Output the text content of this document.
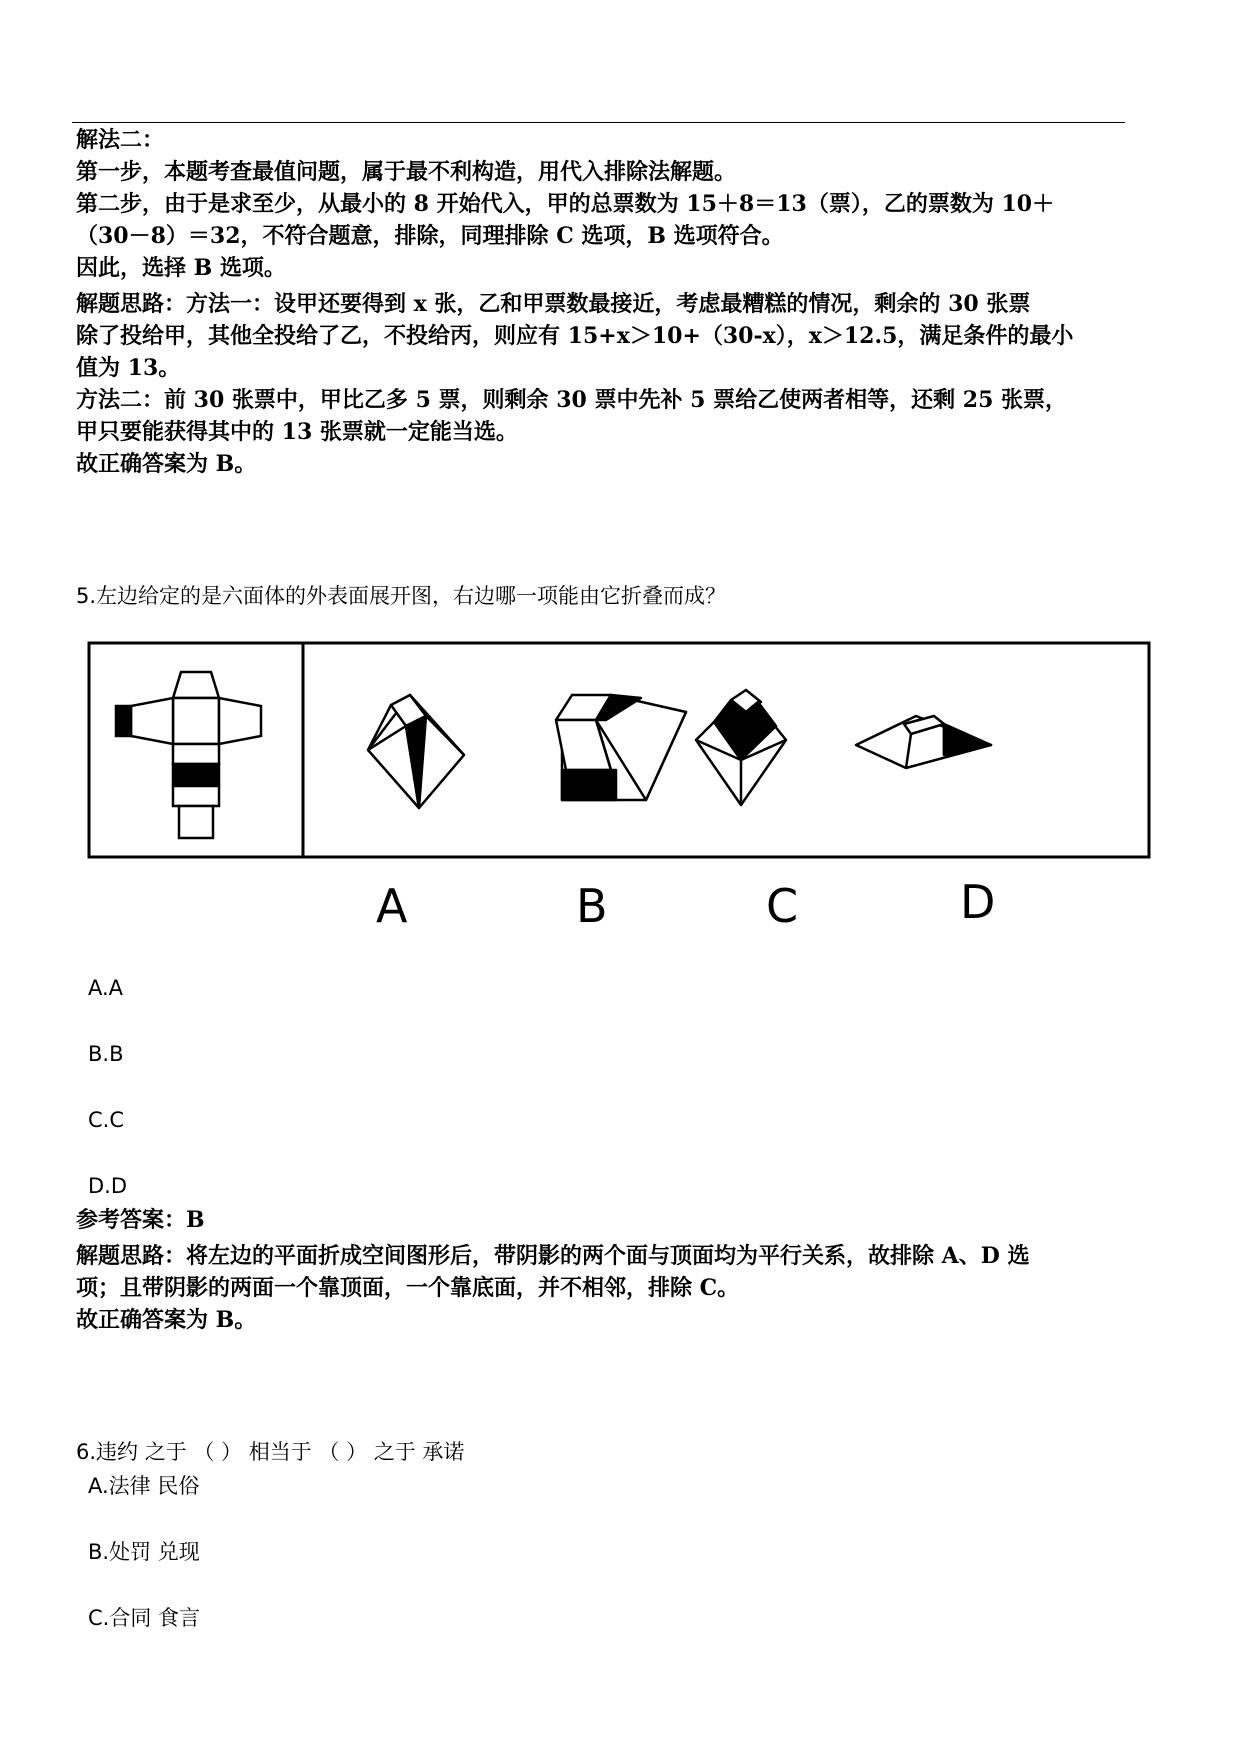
解法二：
第一步，本题考查最值问题，属于最不利构造，用代入排除法解题。
第二步，由于是求至少，从最小的 8 开始代入，甲的总票数为 15＋8＝13（票），乙的票数为 10＋
（30－8）＝32，不符合题意，排除，同理排除 C 选项，B 选项符合。
因此，选择 B 选项。
解题思路：方法一：设甲还要得到 x 张，乙和甲票数最接近，考虑最糟糕的情况，剩余的 30 张票
除了投给甲，其他全投给了乙，不投给丙，则应有 15+x＞10+（30-x），x＞12.5，满足条件的最小
值为 13。
方法二：前 30 张票中，甲比乙多 5 票，则剩余 30 票中先补 5 票给乙使两者相等，还剩 25 张票，
甲只要能获得其中的 13 张票就一定能当选。
故正确答案为 B。
5.左边给定的是六面体的外表面展开图，右边哪一项能由它折叠而成？
A	B	C	D
A.A
B.B
C.C
D.D
参考答案：B
解题思路：将左边的平面折成空间图形后，带阴影的两个面与顶面均为平行关系，故排除 A、D 选
项；且带阴影的两面一个靠顶面，一个靠底面，并不相邻，排除 C。
故正确答案为 B。
6.违约 之于 （ ） 相当于 （ ） 之于 承诺
A.法律 民俗
B.处罚 兑现
C.合同 食言
